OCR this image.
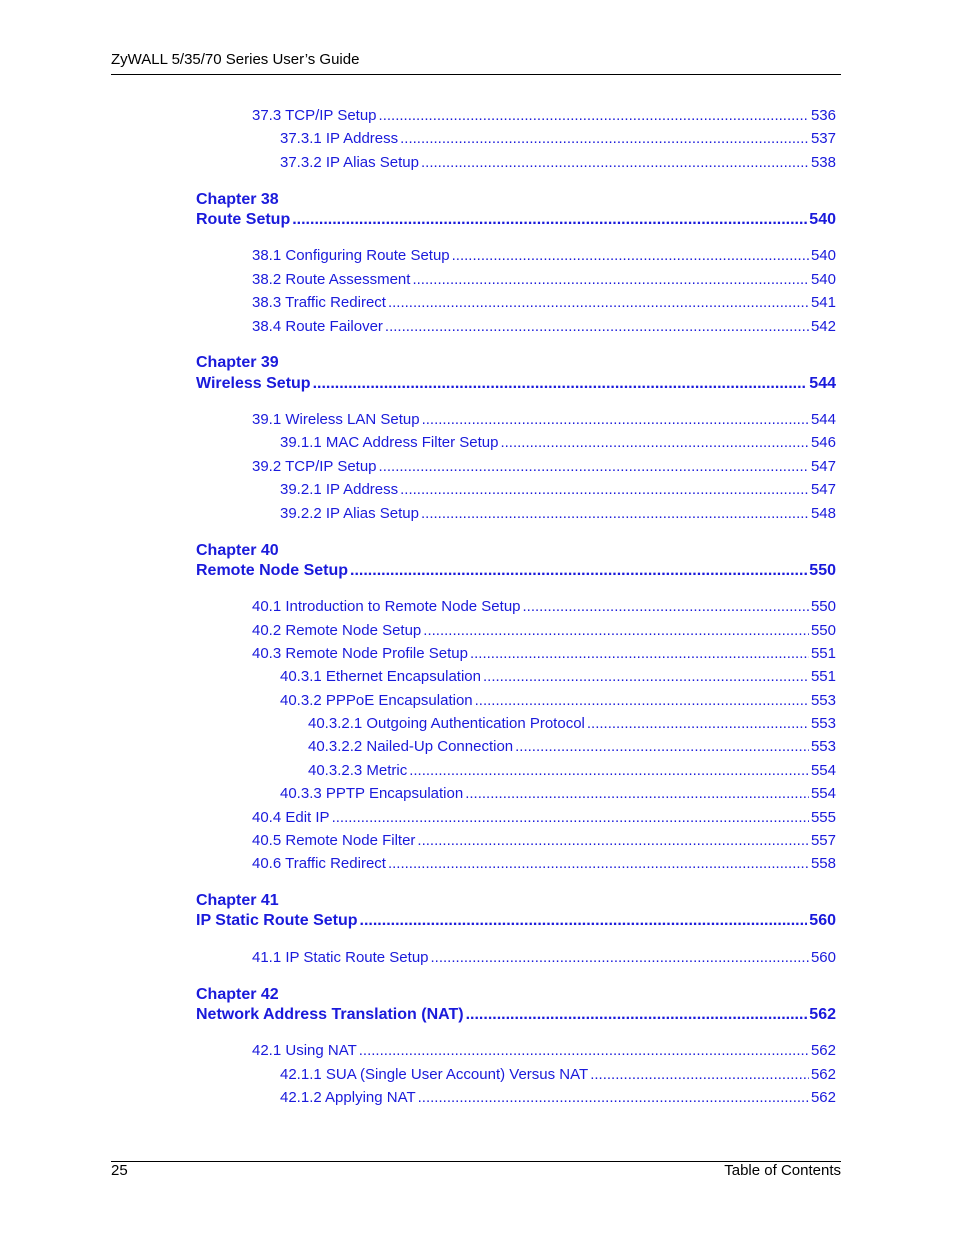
ZyWALL 5/35/70 Series User’s Guide
37.3 TCP/IP Setup .....	536
37.3.1 IP Address .....	537
37.3.2 IP Alias Setup .....	538
Chapter 38
Route Setup .....	540
38.1 Configuring Route Setup .....	540
38.2 Route Assessment .....	540
38.3 Traffic Redirect .....	541
38.4 Route Failover .....	542
Chapter 39
Wireless Setup .....	544
39.1 Wireless LAN Setup .....	544
39.1.1 MAC Address Filter Setup .....	546
39.2 TCP/IP Setup .....	547
39.2.1 IP Address .....	547
39.2.2 IP Alias Setup .....	548
Chapter 40
Remote Node Setup .....	550
40.1 Introduction to Remote Node Setup .....	550
40.2 Remote Node Setup .....	550
40.3 Remote Node Profile Setup .....	551
40.3.1 Ethernet Encapsulation .....	551
40.3.2 PPPoE Encapsulation .....	553
40.3.2.1 Outgoing Authentication Protocol .....	553
40.3.2.2 Nailed-Up Connection .....	553
40.3.2.3 Metric .....	554
40.3.3 PPTP Encapsulation .....	554
40.4 Edit IP .....	555
40.5 Remote Node Filter .....	557
40.6 Traffic Redirect .....	558
Chapter 41
IP Static Route Setup .....	560
41.1 IP Static Route Setup .....	560
Chapter 42
Network Address Translation (NAT) .....	562
42.1 Using NAT .....	562
42.1.1 SUA (Single User Account) Versus NAT .....	562
42.1.2 Applying NAT .....	562
25	Table of Contents
